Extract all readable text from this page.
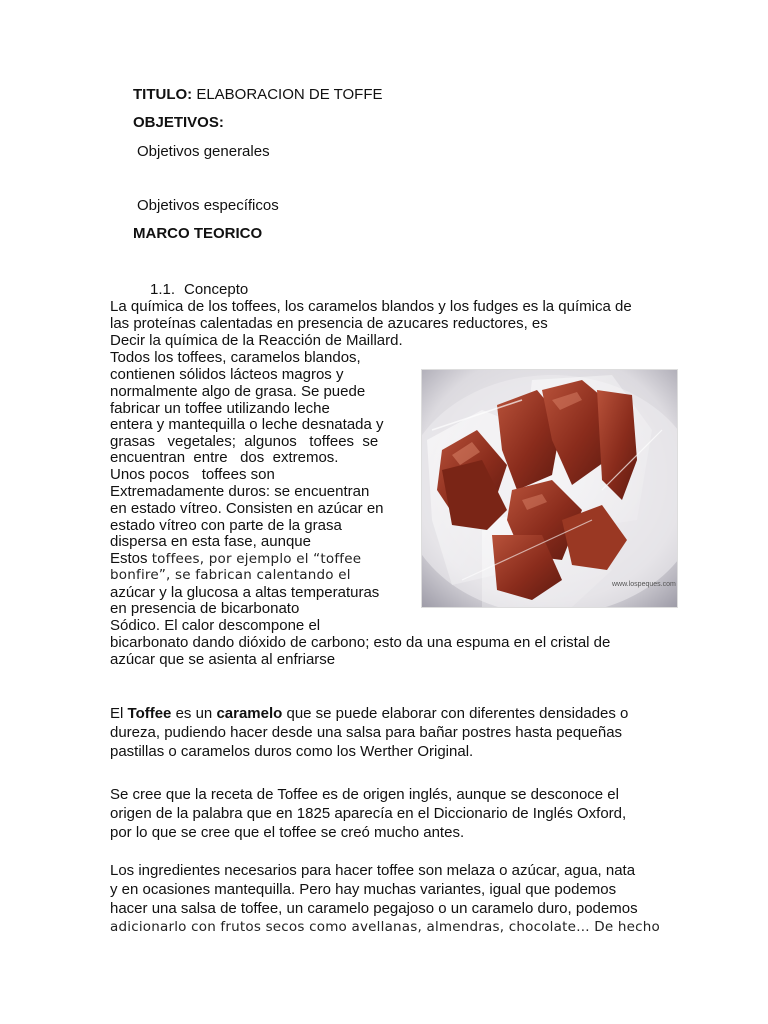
TITULO: ELABORACION DE TOFFE
OBJETIVOS:
Objetivos generales
Objetivos específicos
MARCO TEORICO
1.1. Concepto
La química de los toffees, los caramelos blandos y los fudges es la química de
las proteínas calentadas en presencia de azucares reductores, es
Decir la química de la Reacción de Maillard.
Todos los toffees, caramelos blandos,
contienen sólidos lácteos magros y
normalmente algo de grasa. Se puede
fabricar un toffee utilizando leche
entera y mantequilla o leche desnatada y
grasas   vegetales;  algunos   toffees  se
encuentran  entre   dos  extremos.
Unos pocos   toffees son
Extremadamente duros: se encuentran
en estado vítreo. Consisten en azúcar en
estado vítreo con parte de la grasa
dispersa en esta fase, aunque
Estos toffees, por ejemplo el “toffee
bonfire”, se fabrican calentando el
azúcar y la glucosa a altas temperaturas
en presencia de bicarbonato
Sódico. El calor descompone el
bicarbonato dando dióxido de carbono; esto da una espuma en el cristal de
azúcar que se asienta al enfriarse
El Toffee es un caramelo que se puede elaborar con diferentes densidades o
dureza, pudiendo hacer desde una salsa para bañar postres hasta pequeñas
pastillas o caramelos duros como los Werther Original.
Se cree que la receta de Toffee es de origen inglés, aunque se desconoce el
origen de la palabra que en 1825 aparecía en el Diccionario de Inglés Oxford,
por lo que se cree que el toffee se creó mucho antes.
Los ingredientes necesarios para hacer toffee son melaza o azúcar, agua, nata
y en ocasiones mantequilla. Pero hay muchas variantes, igual que podemos
hacer una salsa de toffee, un caramelo pegajoso o un caramelo duro, podemos
adicionarlo con frutos secos como avellanas, almendras, chocolate… De hecho
www.lospeques.com
